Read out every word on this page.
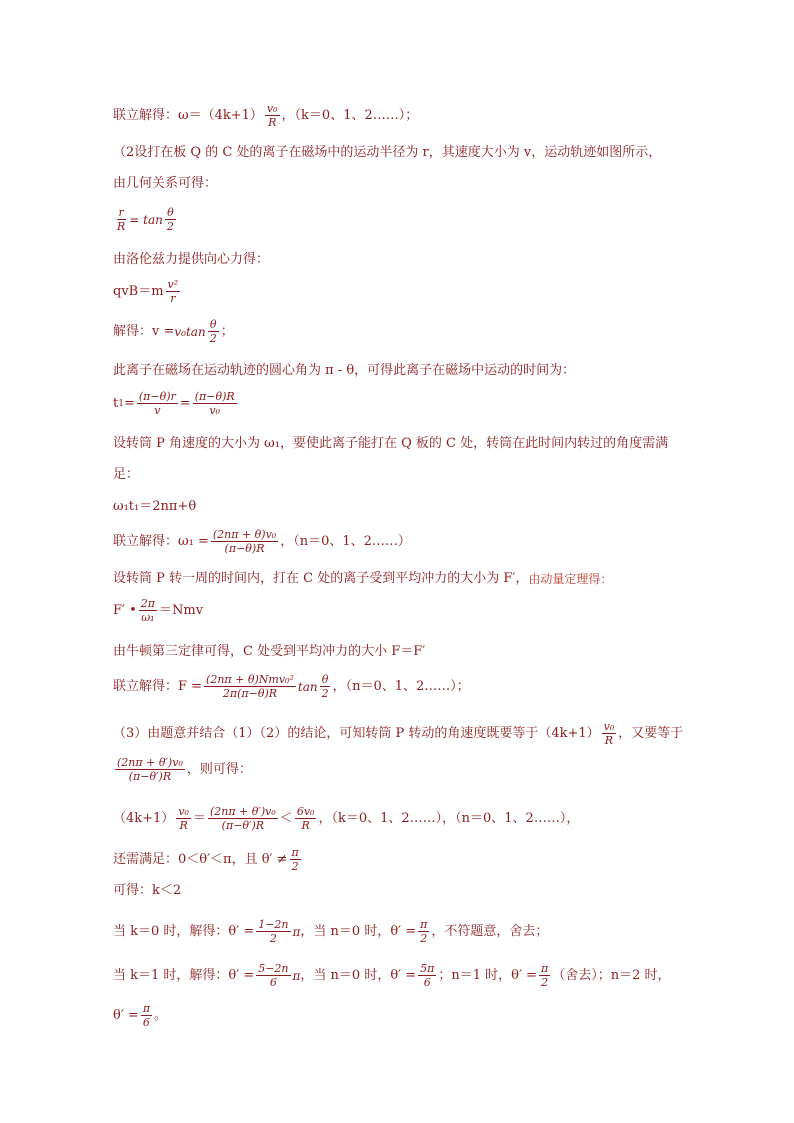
联立解得：$\omega=(4k+1) \frac{\text{v₀}}{R}$ ，（k＝0、1、2……）；
（2设打在板 Q 的 C 处的离子在磁场中的运动半径为 r，其速度大小为 v，运动轨迹如图所示，
由几何关系可得：
$\frac{r}{R} = \tan \frac{\theta}{2}$
由洛伦兹力提供向心力得：
$qvB=m \frac{\text{v²}}{r}$
解得：v = v₀ $\tan \frac{\theta}{2}$ ；
此离子在磁场在运动轨迹的圆心角为 π - θ，可得此离子在磁场中运动的时间为：
t $1 = \frac{(\pi-\theta)r}{v} = \frac{(\pi-\theta)R}{\text{v₀}}$
设转筒 P 角速度的大小为 ω₁，要使此离子能打在 Q 板的 C 处，转筒在此时间内转过的角度需满
足：
ω₁t₁＝2nπ+θ
联立解得：$\omega_1 = \frac{\text{(2nπ + θ)v₀}}{(\pi-\theta)R}$ ，（n＝0、1、2……）
设转筒 P 转一周的时间内，打在 C 处的离子受到平均冲力的大小为 F′， 由动量定理得：
F′ • $\frac{2\pi}{\text{ω₁}} =Nmv$
由牛顿第三定律可得，C 处受到平均冲力的大小 F＝F′
联立解得：$F = \frac{\text{(2nπ + θ)Nmv₀²}}{2\pi(\pi-\theta)R}$ $\tan \frac{\theta}{2}$ ，（n＝0、1、2……）；
（3）由题意并结合（1）（2）的结论，可知转筒 P 转动的角速度既要等于$(4k+1) \frac{\text{v₀}}{R}$ ，又要等于
$\frac{\text{(2nπ + θ′)v₀}}{(\pi-\theta')R}$ ，则可得：
$(4k+1) \frac{\text{v₀}}{R} = \frac{\text{(2nπ + θ′)v₀}}{(\pi-\theta')R} < \frac{\text{6v₀}}{R}$ ，（k＝0、1、2……），（n＝0、1、2……），
还需满足：0＜θ′＜π，且 $\theta' \ne \frac{\pi}{2}$
可得：k＜2
当 k＝0 时，解得：$\theta' = \frac{1-2n}{2}$ π ，当 n＝0 时，$\theta' = \frac{\pi}{2}$ ，不符题意，舍去；
当 k＝1 时，解得：$\theta' = \frac{5-2n}{6}$ π ，当 n＝0 时，$\theta' = \frac{5\pi}{6}$ ；n＝1 时，$\theta' = \frac{\pi}{2}$ （舍去）；n＝2 时，
$\theta' = \frac{\pi}{6}$ 。
